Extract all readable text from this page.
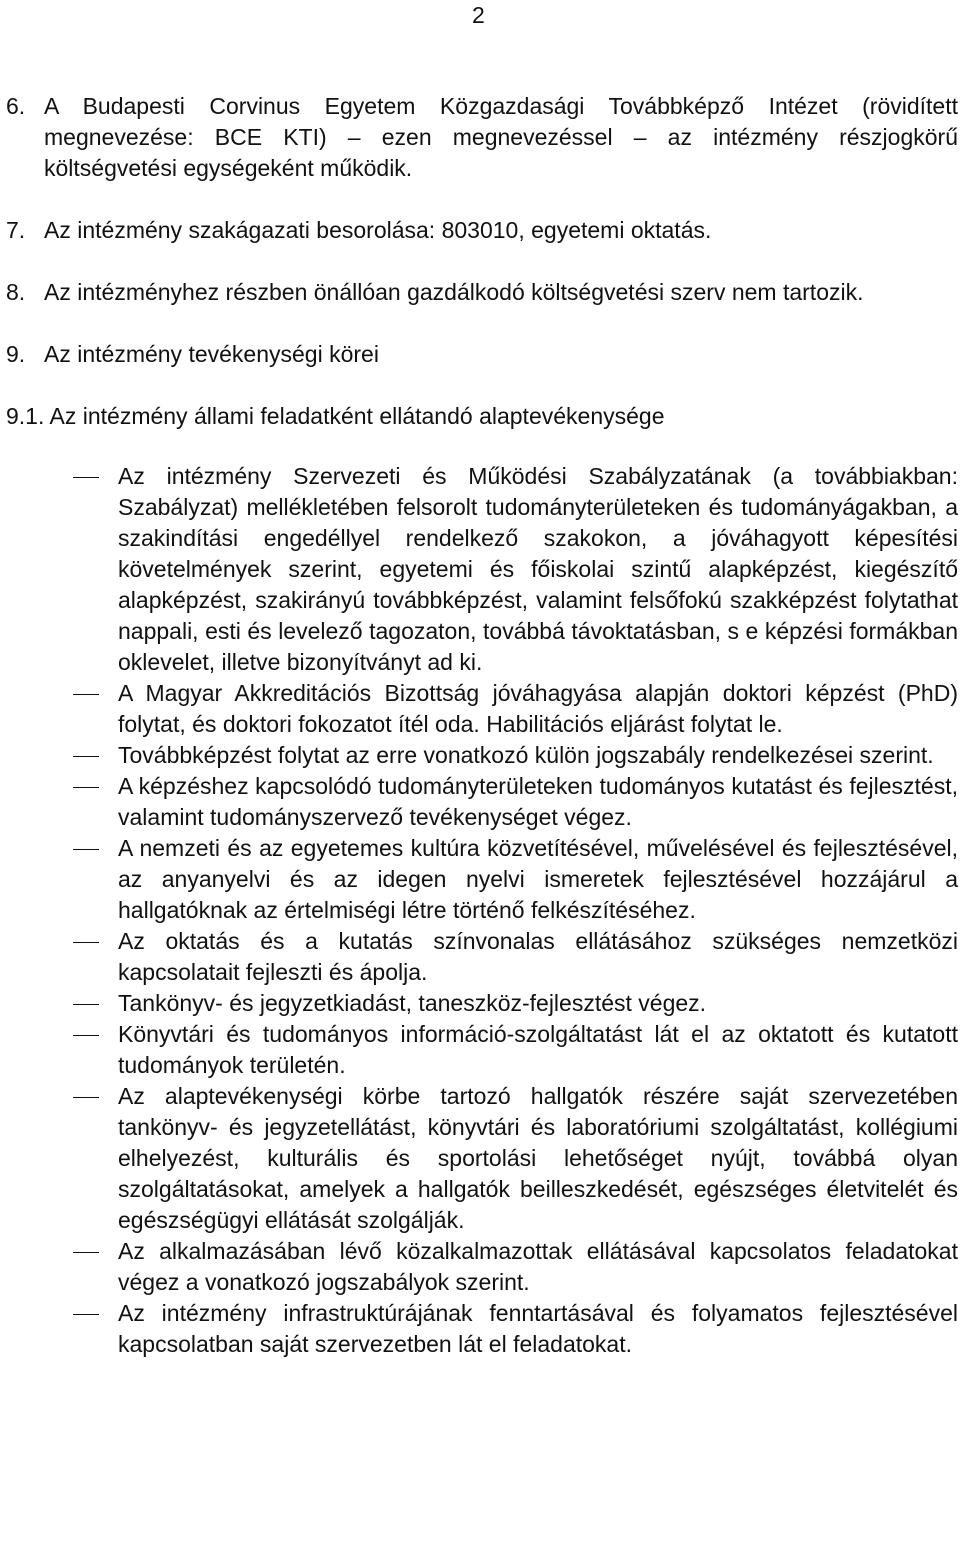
2
6. A Budapesti Corvinus Egyetem Közgazdasági Továbbképző Intézet (rövidített megnevezése: BCE KTI) – ezen megnevezéssel – az intézmény részjogkörű költségvetési egységeként működik.
7. Az intézmény szakágazati besorolása: 803010, egyetemi oktatás.
8. Az intézményhez részben önállóan gazdálkodó költségvetési szerv nem tartozik.
9. Az intézmény tevékenységi körei
9.1. Az intézmény állami feladatként ellátandó alaptevékenysége
Az intézmény Szervezeti és Működési Szabályzatának (a továbbiakban: Szabályzat) mellékletében felsorolt tudományterületeken és tudományágakban, a szakindítási engedéllyel rendelkező szakokon, a jóváhagyott képesítési követelmények szerint, egyetemi és főiskolai szintű alapképzést, kiegészítő alapképzést, szakirányú továbbképzést, valamint felsőfokú szakképzést folytathat nappali, esti és levelező tagozaton, továbbá távoktatásban, s e képzési formákban oklevelet, illetve bizonyítványt ad ki.
A Magyar Akkreditációs Bizottság jóváhagyása alapján doktori képzést (PhD) folytat, és doktori fokozatot ítél oda. Habilitációs eljárást folytat le.
Továbbképzést folytat az erre vonatkozó külön jogszabály rendelkezései szerint.
A képzéshez kapcsolódó tudományterületeken tudományos kutatást és fejlesztést, valamint tudományszervező tevékenységet végez.
A nemzeti és az egyetemes kultúra közvetítésével, művelésével és fejlesztésével, az anyanyelvi és az idegen nyelvi ismeretek fejlesztésével hozzájárul a hallgatóknak az értelmiségi létre történő felkészítéséhez.
Az oktatás és a kutatás színvonalas ellátásához szükséges nemzetközi kapcsolatait fejleszti és ápolja.
Tankönyv- és jegyzetkiadást, taneszköz-fejlesztést végez.
Könyvtári és tudományos információ-szolgáltatást lát el az oktatott és kutatott tudományok területén.
Az alaptevékenységi körbe tartozó hallgatók részére saját szervezetében tankönyv- és jegyzetellátást, könyvtári és laboratóriumi szolgáltatást, kollégiumi elhelyezést, kulturális és sportolási lehetőséget nyújt, továbbá olyan szolgáltatásokat, amelyek a hallgatók beilleszkedését, egészséges életvitelét és egészségügyi ellátását szolgálják.
Az alkalmazásában lévő közalkalmazottak ellátásával kapcsolatos feladatokat végez a vonatkozó jogszabályok szerint.
Az intézmény infrastruktúrájának fenntartásával és folyamatos fejlesztésével kapcsolatban saját szervezetben lát el feladatokat.
